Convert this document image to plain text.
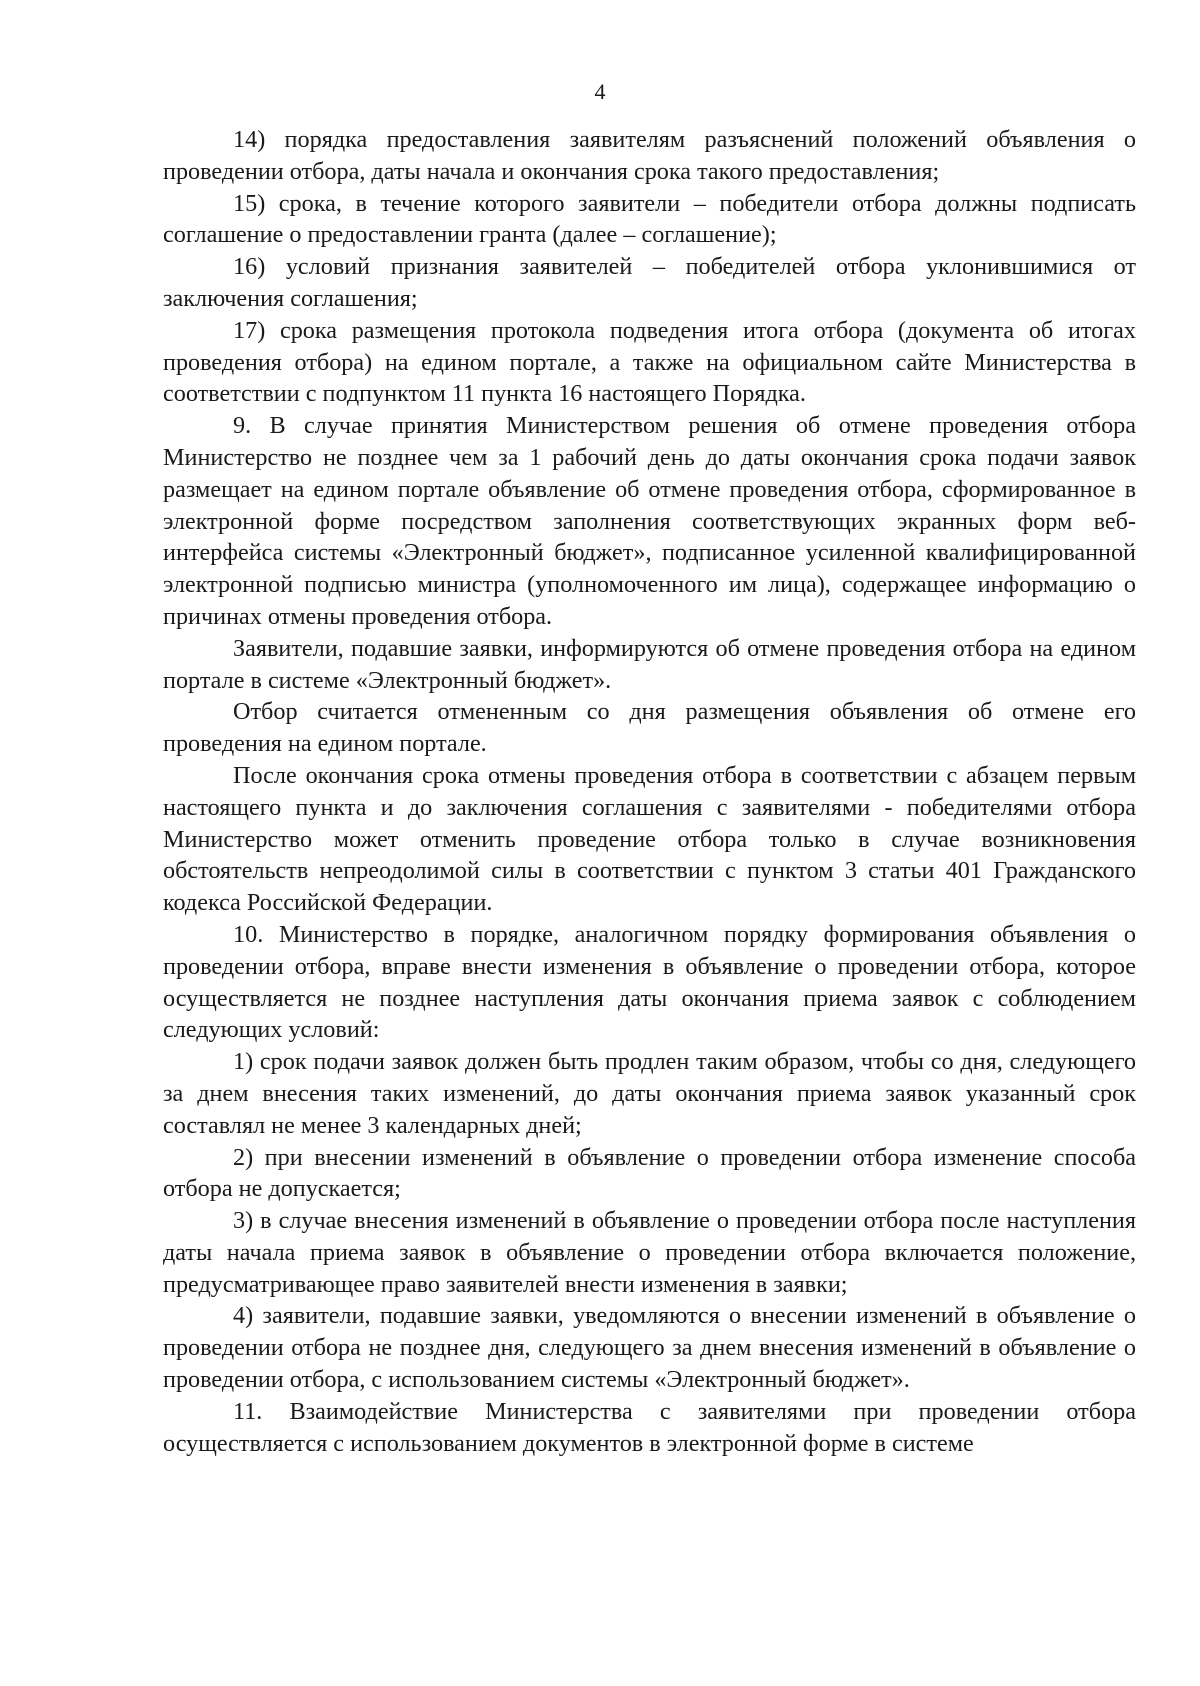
4

14) порядка предоставления заявителям разъяснений положений объявления о проведении отбора, даты начала и окончания срока такого предоставления;

15) срока, в течение которого заявители – победители отбора должны подписать соглашение о предоставлении гранта (далее – соглашение);

16) условий признания заявителей – победителей отбора уклонившимися от заключения соглашения;

17) срока размещения протокола подведения итога отбора (документа об итогах проведения отбора) на едином портале, а также на официальном сайте Министерства в соответствии с подпунктом 11 пункта 16 настоящего Порядка.

9. В случае принятия Министерством решения об отмене проведения отбора Министерство не позднее чем за 1 рабочий день до даты окончания срока подачи заявок размещает на едином портале объявление об отмене проведения отбора, сформированное в электронной форме посредством заполнения соответствующих экранных форм веб-интерфейса системы «Электронный бюджет», подписанное усиленной квалифицированной электронной подписью министра (уполномоченного им лица), содержащее информацию о причинах отмены проведения отбора.

Заявители, подавшие заявки, информируются об отмене проведения отбора на едином портале в системе «Электронный бюджет».

Отбор считается отмененным со дня размещения объявления об отмене его проведения на едином портале.

После окончания срока отмены проведения отбора в соответствии с абзацем первым настоящего пункта и до заключения соглашения с заявителями - победителями отбора Министерство может отменить проведение отбора только в случае возникновения обстоятельств непреодолимой силы в соответствии с пунктом 3 статьи 401 Гражданского кодекса Российской Федерации.

10. Министерство в порядке, аналогичном порядку формирования объявления о проведении отбора, вправе внести изменения в объявление о проведении отбора, которое осуществляется не позднее наступления даты окончания приема заявок с соблюдением следующих условий:

1) срок подачи заявок должен быть продлен таким образом, чтобы со дня, следующего за днем внесения таких изменений, до даты окончания приема заявок указанный срок составлял не менее 3 календарных дней;

2) при внесении изменений в объявление о проведении отбора изменение способа отбора не допускается;

3) в случае внесения изменений в объявление о проведении отбора после наступления даты начала приема заявок в объявление о проведении отбора включается положение, предусматривающее право заявителей внести изменения в заявки;

4) заявители, подавшие заявки, уведомляются о внесении изменений в объявление о проведении отбора не позднее дня, следующего за днем внесения изменений в объявление о проведении отбора, с использованием системы «Электронный бюджет».

11. Взаимодействие Министерства с заявителями при проведении отбора осуществляется с использованием документов в электронной форме в системе
